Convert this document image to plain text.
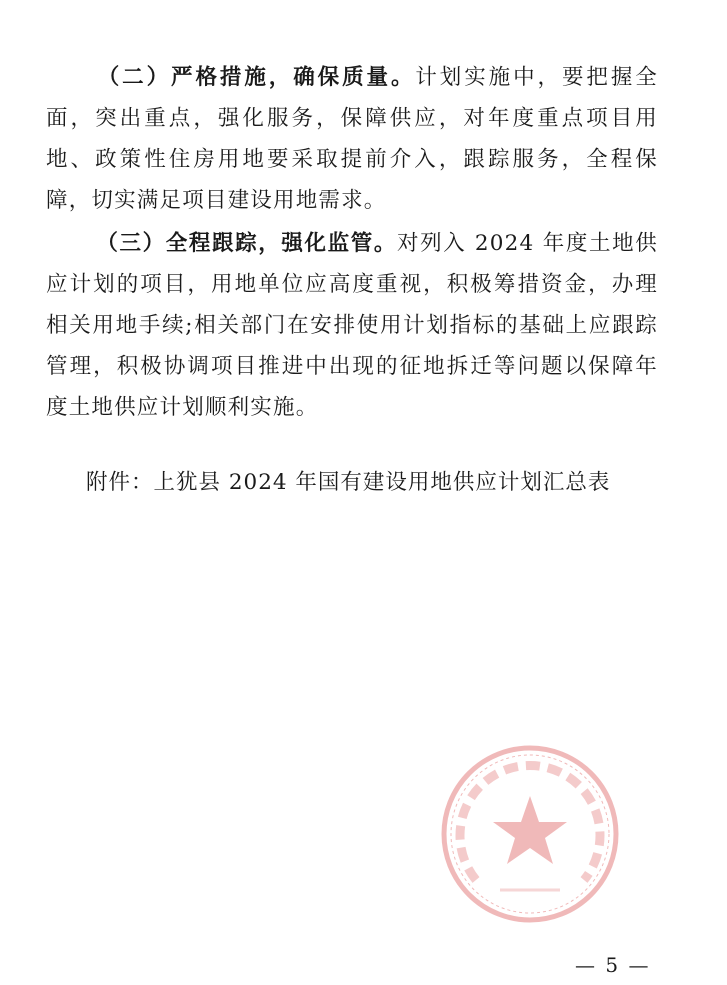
（二）严格措施，确保质量。计划实施中，要把握全面，突出重点，强化服务，保障供应，对年度重点项目用地、政策性住房用地要采取提前介入，跟踪服务，全程保障，切实满足项目建设用地需求。

（三）全程跟踪，强化监管。对列入 2024 年度土地供应计划的项目，用地单位应高度重视，积极筹措资金，办理相关用地手续;相关部门在安排使用计划指标的基础上应跟踪管理，积极协调项目推进中出现的征地拆迁等问题以保障年度土地供应计划顺利实施。

附件：上犹县 2024 年国有建设用地供应计划汇总表

— 5 —
